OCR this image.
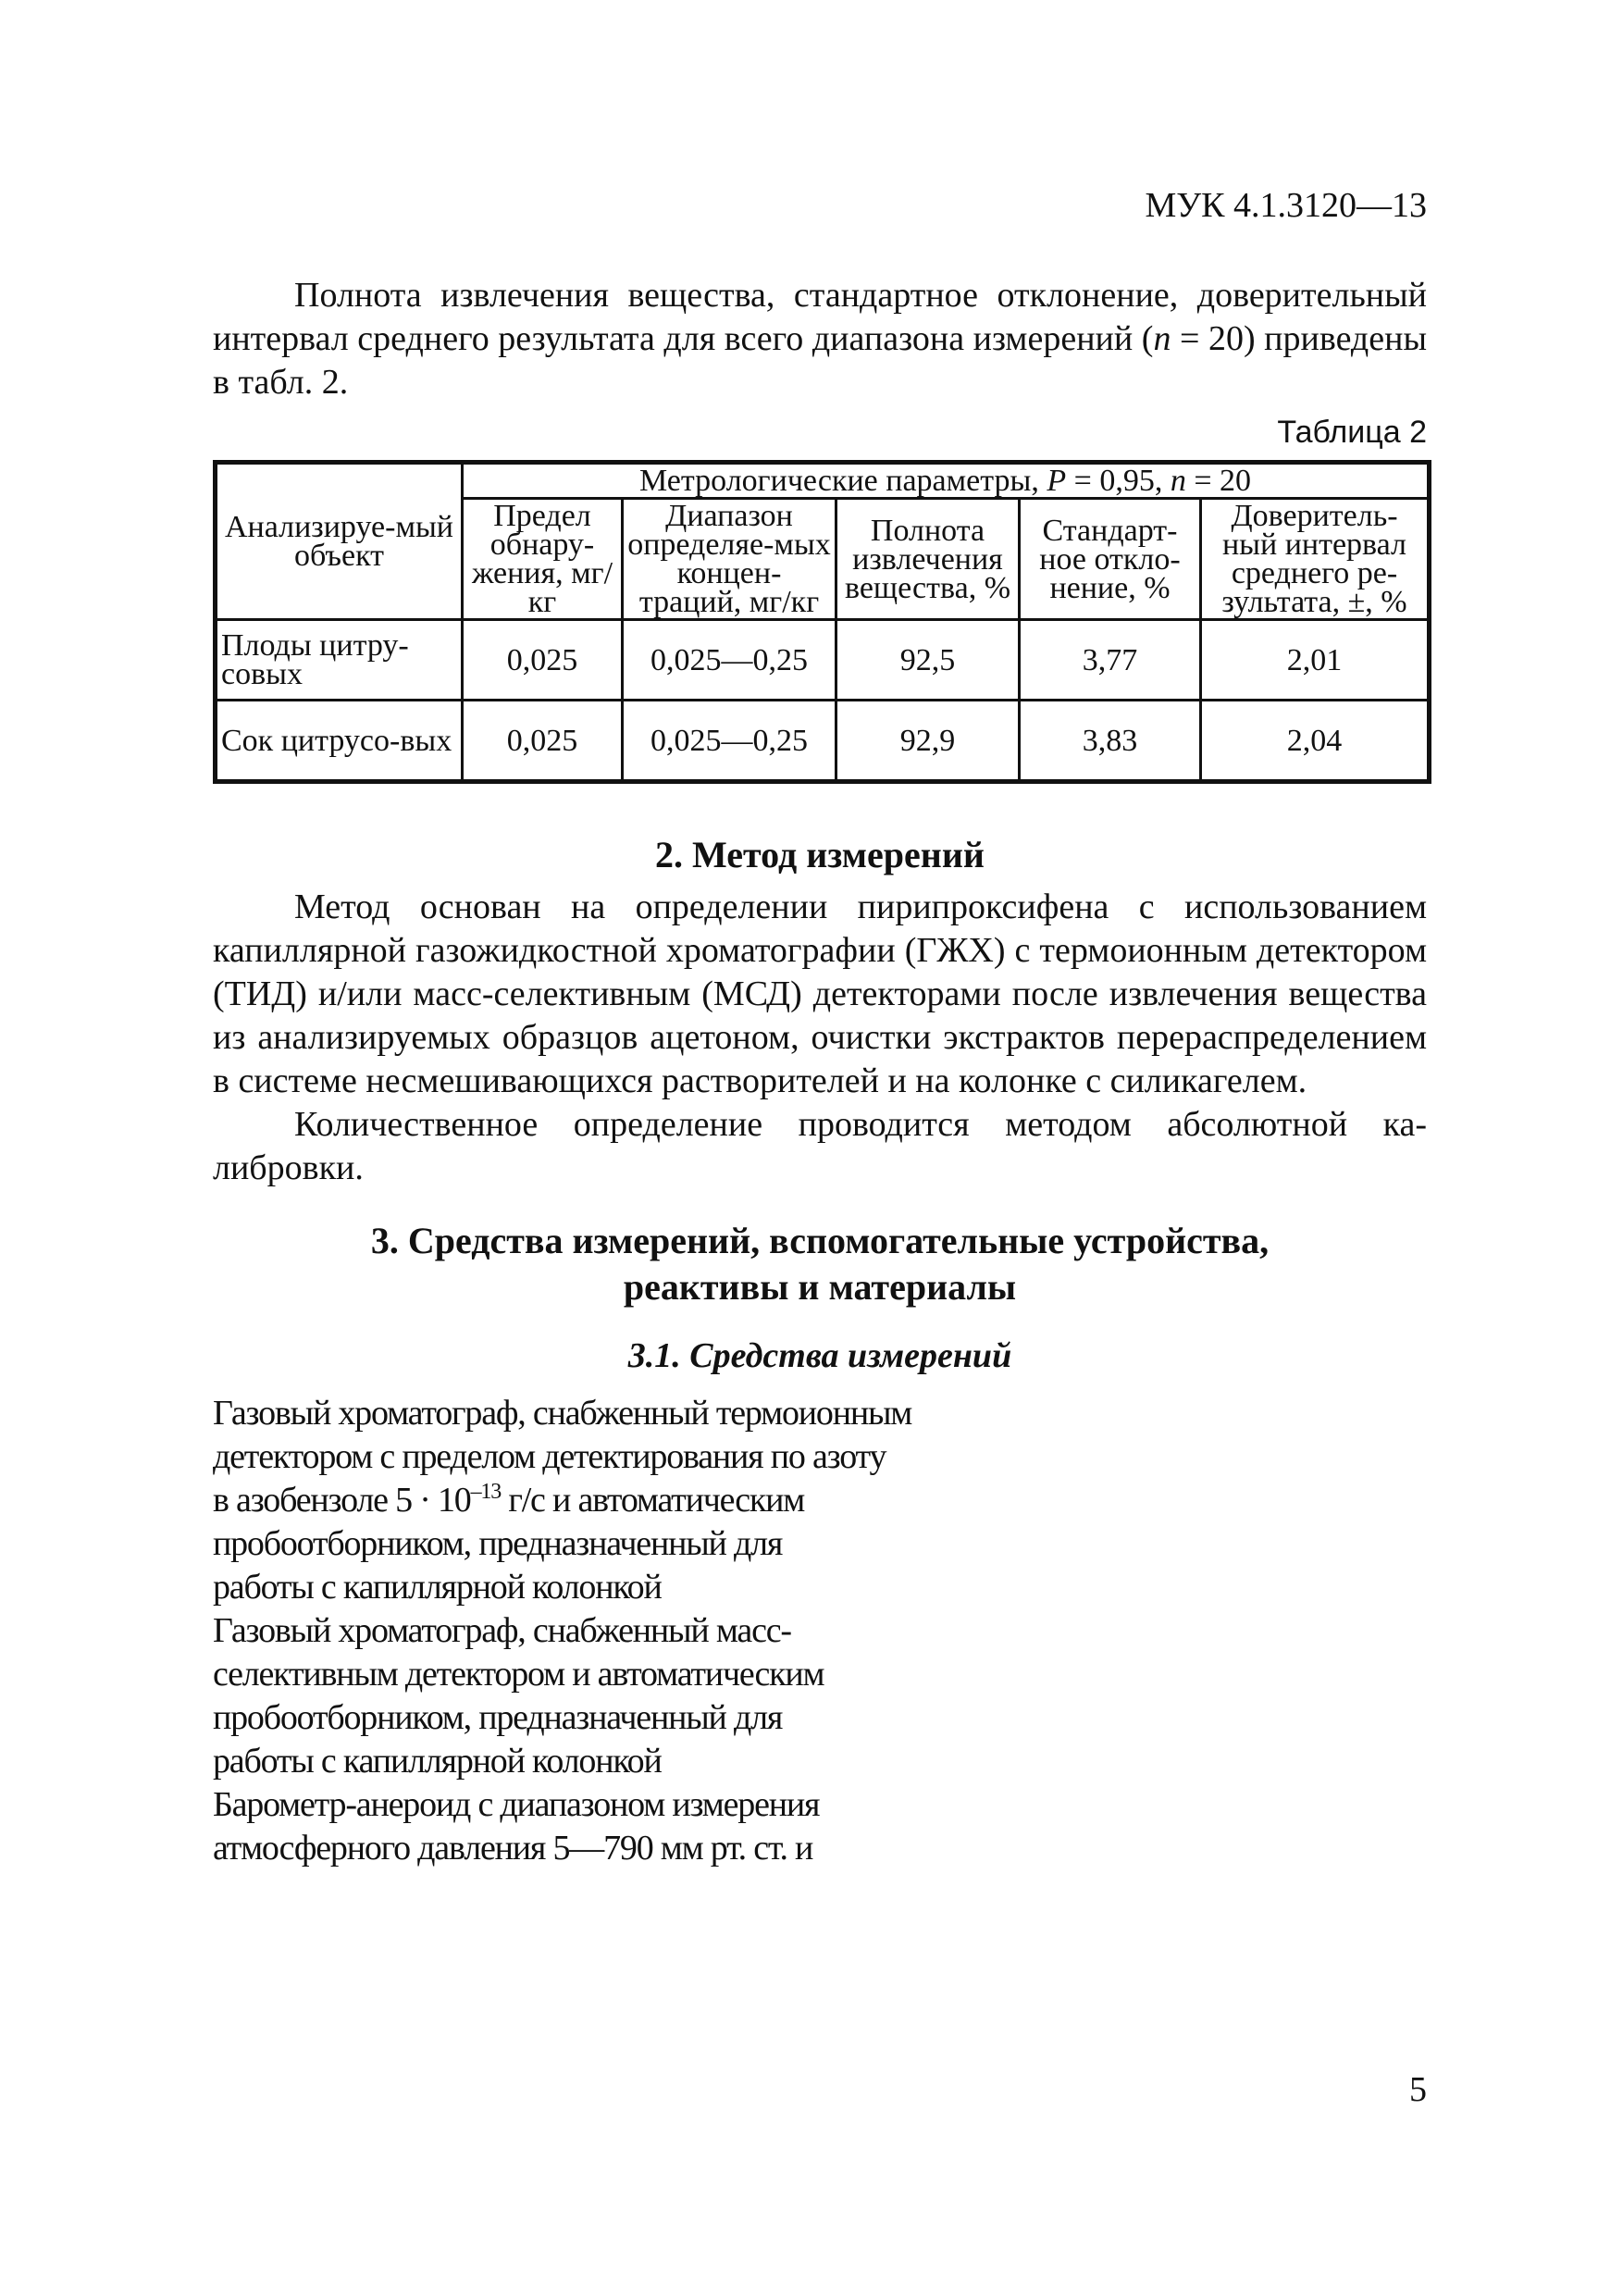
МУК 4.1.3120—13

Полнота извлечения вещества, стандартное отклонение, доверительный интервал среднего результата для всего диапазона измерений (n = 20) приведены в табл. 2.

Таблица 2
Анализируе-мый объект	Метрологические параметры, P = 0,95, n = 20				
	Предел обнару-жения, мг/кг	Диапазон определяе-мых концен-траций, мг/кг	Полнота извлечения вещества, %	Стандарт-ное откло-нение, %	Доверитель-ный интервал среднего ре-зультата, ±, %
Плоды цитру-совых	0,025	0,025—0,25	92,5	3,77	2,01
Сок цитрусо-вых	0,025	0,025—0,25	92,9	3,83	2,04
2. Метод измерений

Метод основан на определении пирипроксифена с использованием капиллярной газожидкостной хроматографии (ГЖХ) с термоионным детектором (ТИД) и/или масс-селективным (МСД) детекторами после извлечения вещества из анализируемых образцов ацетоном, очистки экстрактов перераспределением в системе несмешивающихся растворителей и на колонке с силикагелем.

Количественное определение проводится методом абсолютной калибровки.

3. Средства измерений, вспомогательные устройства,
реактивы и материалы
3.1. Средства измерений
Газовый хроматограф, снабженный термоионным
детектором с пределом детектирования по азоту
в азобензоле $5 \cdot 10^{-13}$ г/с и автоматическим
пробоотборником, предназначенный для
работы с капиллярной колонкой
Газовый хроматограф, снабженный масс-
селективным детектором и автоматическим
пробоотборником, предназначенный для
работы с капиллярной колонкой
Барометр-анероид с диапазоном измерения
атмосферного давления 5—790 мм рт. ст. и
5
